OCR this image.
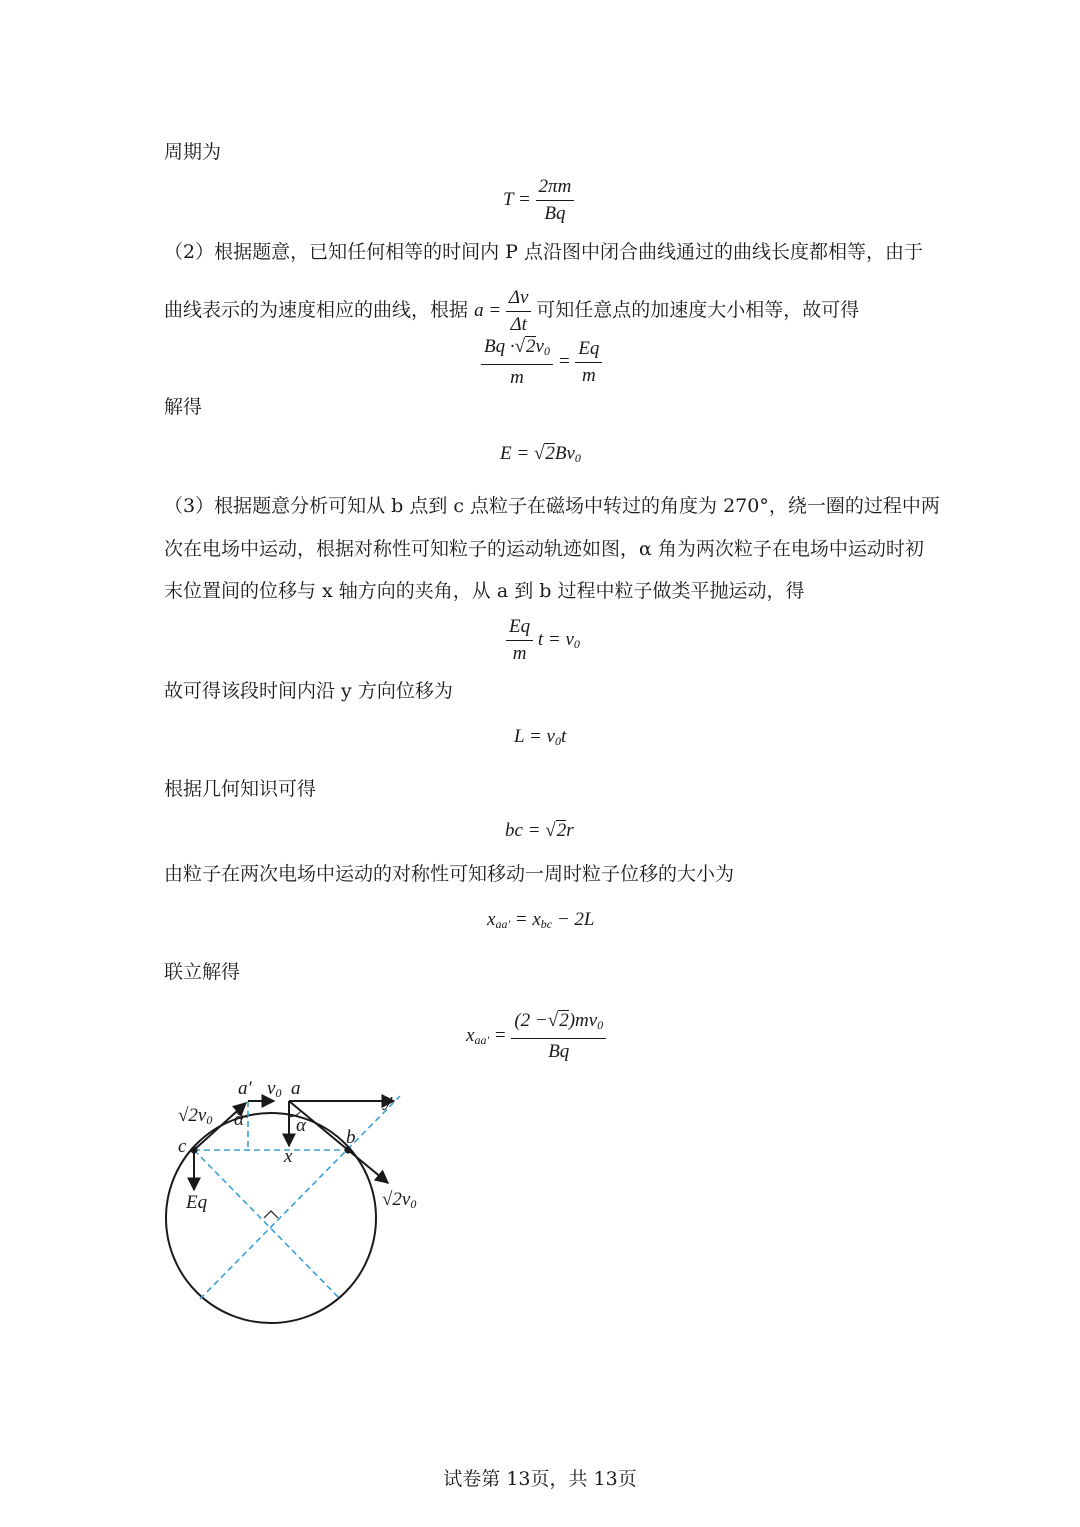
周期为
$T = \frac{2\pi m}{Bq}$
（2）根据题意，已知任何相等的时间内 P 点沿图中闭合曲线通过的曲线长度都相等，由于
曲线表示的为速度相应的曲线，根据 $a = \frac{\Delta v}{\Delta t}$ 可知任意点的加速度大小相等，故可得
$\frac{Bq \cdot√2v_0}{m} = \frac{Eq}{m}$
解得
$E = √2Bv_0$
（3）根据题意分析可知从 b 点到 c 点粒子在磁场中转过的角度为 270°，绕一圈的过程中两
次在电场中运动，根据对称性可知粒子的运动轨迹如图，α 角为两次粒子在电场中运动时初
末位置间的位移与 x 轴方向的夹角，从 a 到 b 过程中粒子做类平抛运动，得
$\frac{Eq}{m}$ $t = v_0$
故可得该段时间内沿 y 方向位移为
$L = v_0t$
根据几何知识可得
bc = √2r
由粒子在两次电场中运动的对称性可知移动一周时粒子位移的大小为
$x_{aa'} = x_{bc} - 2L$
联立解得
$x_{aa'} = \frac{(2 -√2)mv_0}{Bq}$
a′ v0 a
y
√2v0 α	α
c	b
x
Eq	√2v0
试卷第 13页，共 13页
